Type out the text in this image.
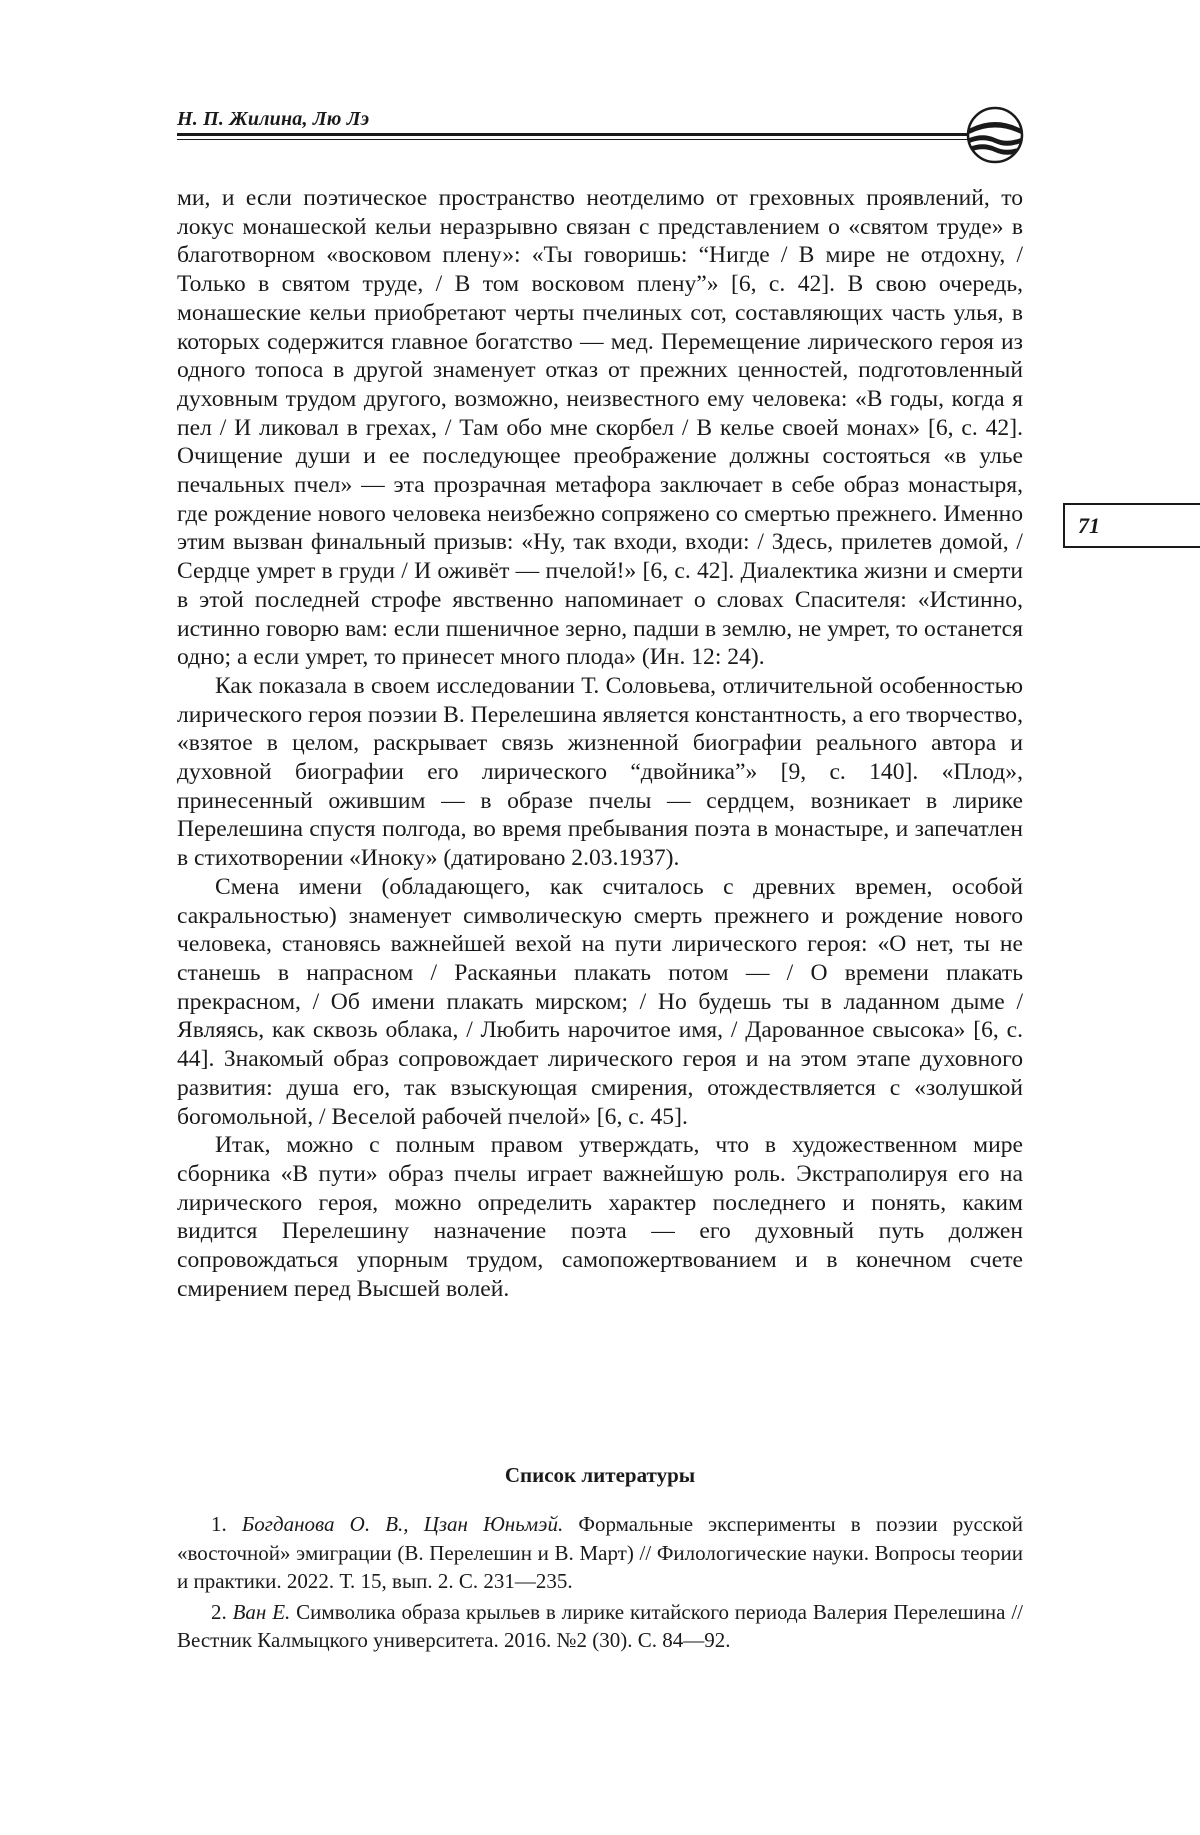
Н. П. Жилина, Лю Лэ
71

ми, и если поэтическое пространство неотделимо от греховных проявлений, то локус монашеской кельи неразрывно связан с представлением о «святом труде» в благотворном «восковом плену»: «Ты говоришь: “Нигде / В мире не отдохну, / Только в святом труде, / В том восковом плену”» [6, с. 42]. В свою очередь, монашеские кельи приобретают черты пчелиных сот, составляющих часть улья, в которых содержится главное богатство — мед. Перемещение лирического героя из одного топоса в другой знаменует отказ от прежних ценностей, подготовленный духовным трудом другого, возможно, неизвестного ему человека: «В годы, когда я пел / И ликовал в грехах, / Там обо мне скорбел / В келье своей монах» [6, с. 42]. Очищение души и ее последующее преображение должны состояться «в улье печальных пчел» — эта прозрачная метафора заключает в себе образ монастыря, где рождение нового человека неизбежно сопряжено со смертью прежнего. Именно этим вызван финальный призыв: «Ну, так входи, входи: / Здесь, прилетев домой, / Сердце умрет в груди / И оживёт — пчелой!» [6, с. 42]. Диалектика жизни и смерти в этой последней строфе явственно напоминает о словах Спасителя: «Истинно, истинно говорю вам: если пшеничное зерно, падши в землю, не умрет, то останется одно; а если умрет, то принесет много плода» (Ин. 12: 24).

Как показала в своем исследовании Т. Соловьева, отличительной особенностью лирического героя поэзии В. Перелешина является константность, а его творчество, «взятое в целом, раскрывает связь жизненной биографии реального автора и духовной биографии его лирического “двойника”» [9, с. 140]. «Плод», принесенный ожившим — в образе пчелы — сердцем, возникает в лирике Перелешина спустя полгода, во время пребывания поэта в монастыре, и запечатлен в стихотворении «Иноку» (датировано 2.03.1937).

Смена имени (обладающего, как считалось с древних времен, особой сакральностью) знаменует символическую смерть прежнего и рождение нового человека, становясь важнейшей вехой на пути лирического героя: «О нет, ты не станешь в напрасном / Раскаяньи плакать потом — / О времени плакать прекрасном, / Об имени плакать мирском; / Но будешь ты в ладанном дыме / Являясь, как сквозь облака, / Любить нарочитое имя, / Дарованное свысока» [6, с. 44]. Знакомый образ сопровождает лирического героя и на этом этапе духовного развития: душа его, так взыскующая смирения, отождествляется с «золушкой богомольной, / Веселой рабочей пчелой» [6, с. 45].

Итак, можно с полным правом утверждать, что в художественном мире сборника «В пути» образ пчелы играет важнейшую роль. Экстраполируя его на лирического героя, можно определить характер последнего и понять, каким видится Перелешину назначение поэта — его духовный путь должен сопровождаться упорным трудом, самопожертвованием и в конечном счете смирением перед Высшей волей.

Список литературы

1. Богданова О. В., Цзан Юньмэй. Формальные эксперименты в поэзии русской «восточной» эмиграции (В. Перелешин и В. Март) // Филологические науки. Вопросы теории и практики. 2022. Т. 15, вып. 2. С. 231—235.

2. Ван Е. Символика образа крыльев в лирике китайского периода Валерия Перелешина // Вестник Калмыцкого университета. 2016. №2 (30). С. 84—92.
